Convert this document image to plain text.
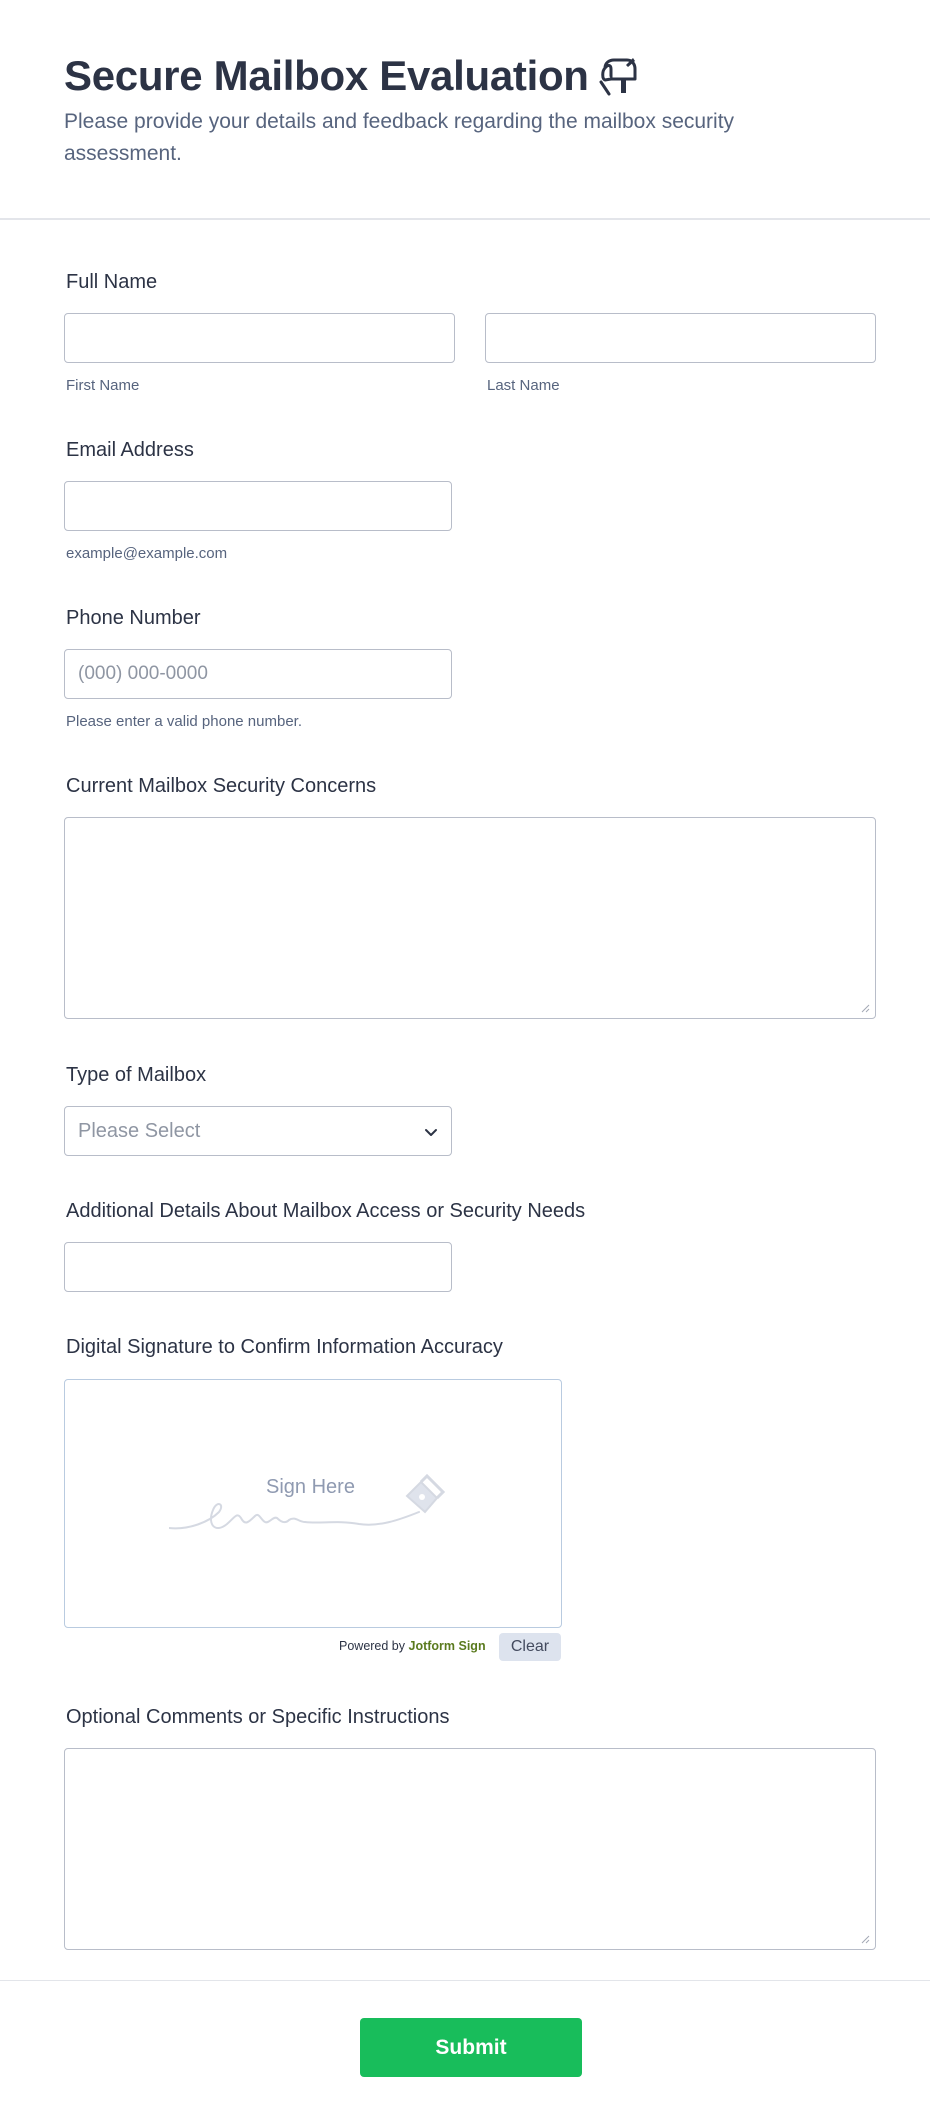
Secure Mailbox Evaluation
Please provide your details and feedback regarding the mailbox security assessment.
Full Name
First Name	Last Name
Email Address
example@example.com
Phone Number
(000) 000-0000
Please enter a valid phone number.
Current Mailbox Security Concerns
Type of Mailbox
Please Select
Additional Details About Mailbox Access or Security Needs
Digital Signature to Confirm Information Accuracy
Sign Here
Powered by Jotform Sign	Clear
Optional Comments or Specific Instructions
Submit
